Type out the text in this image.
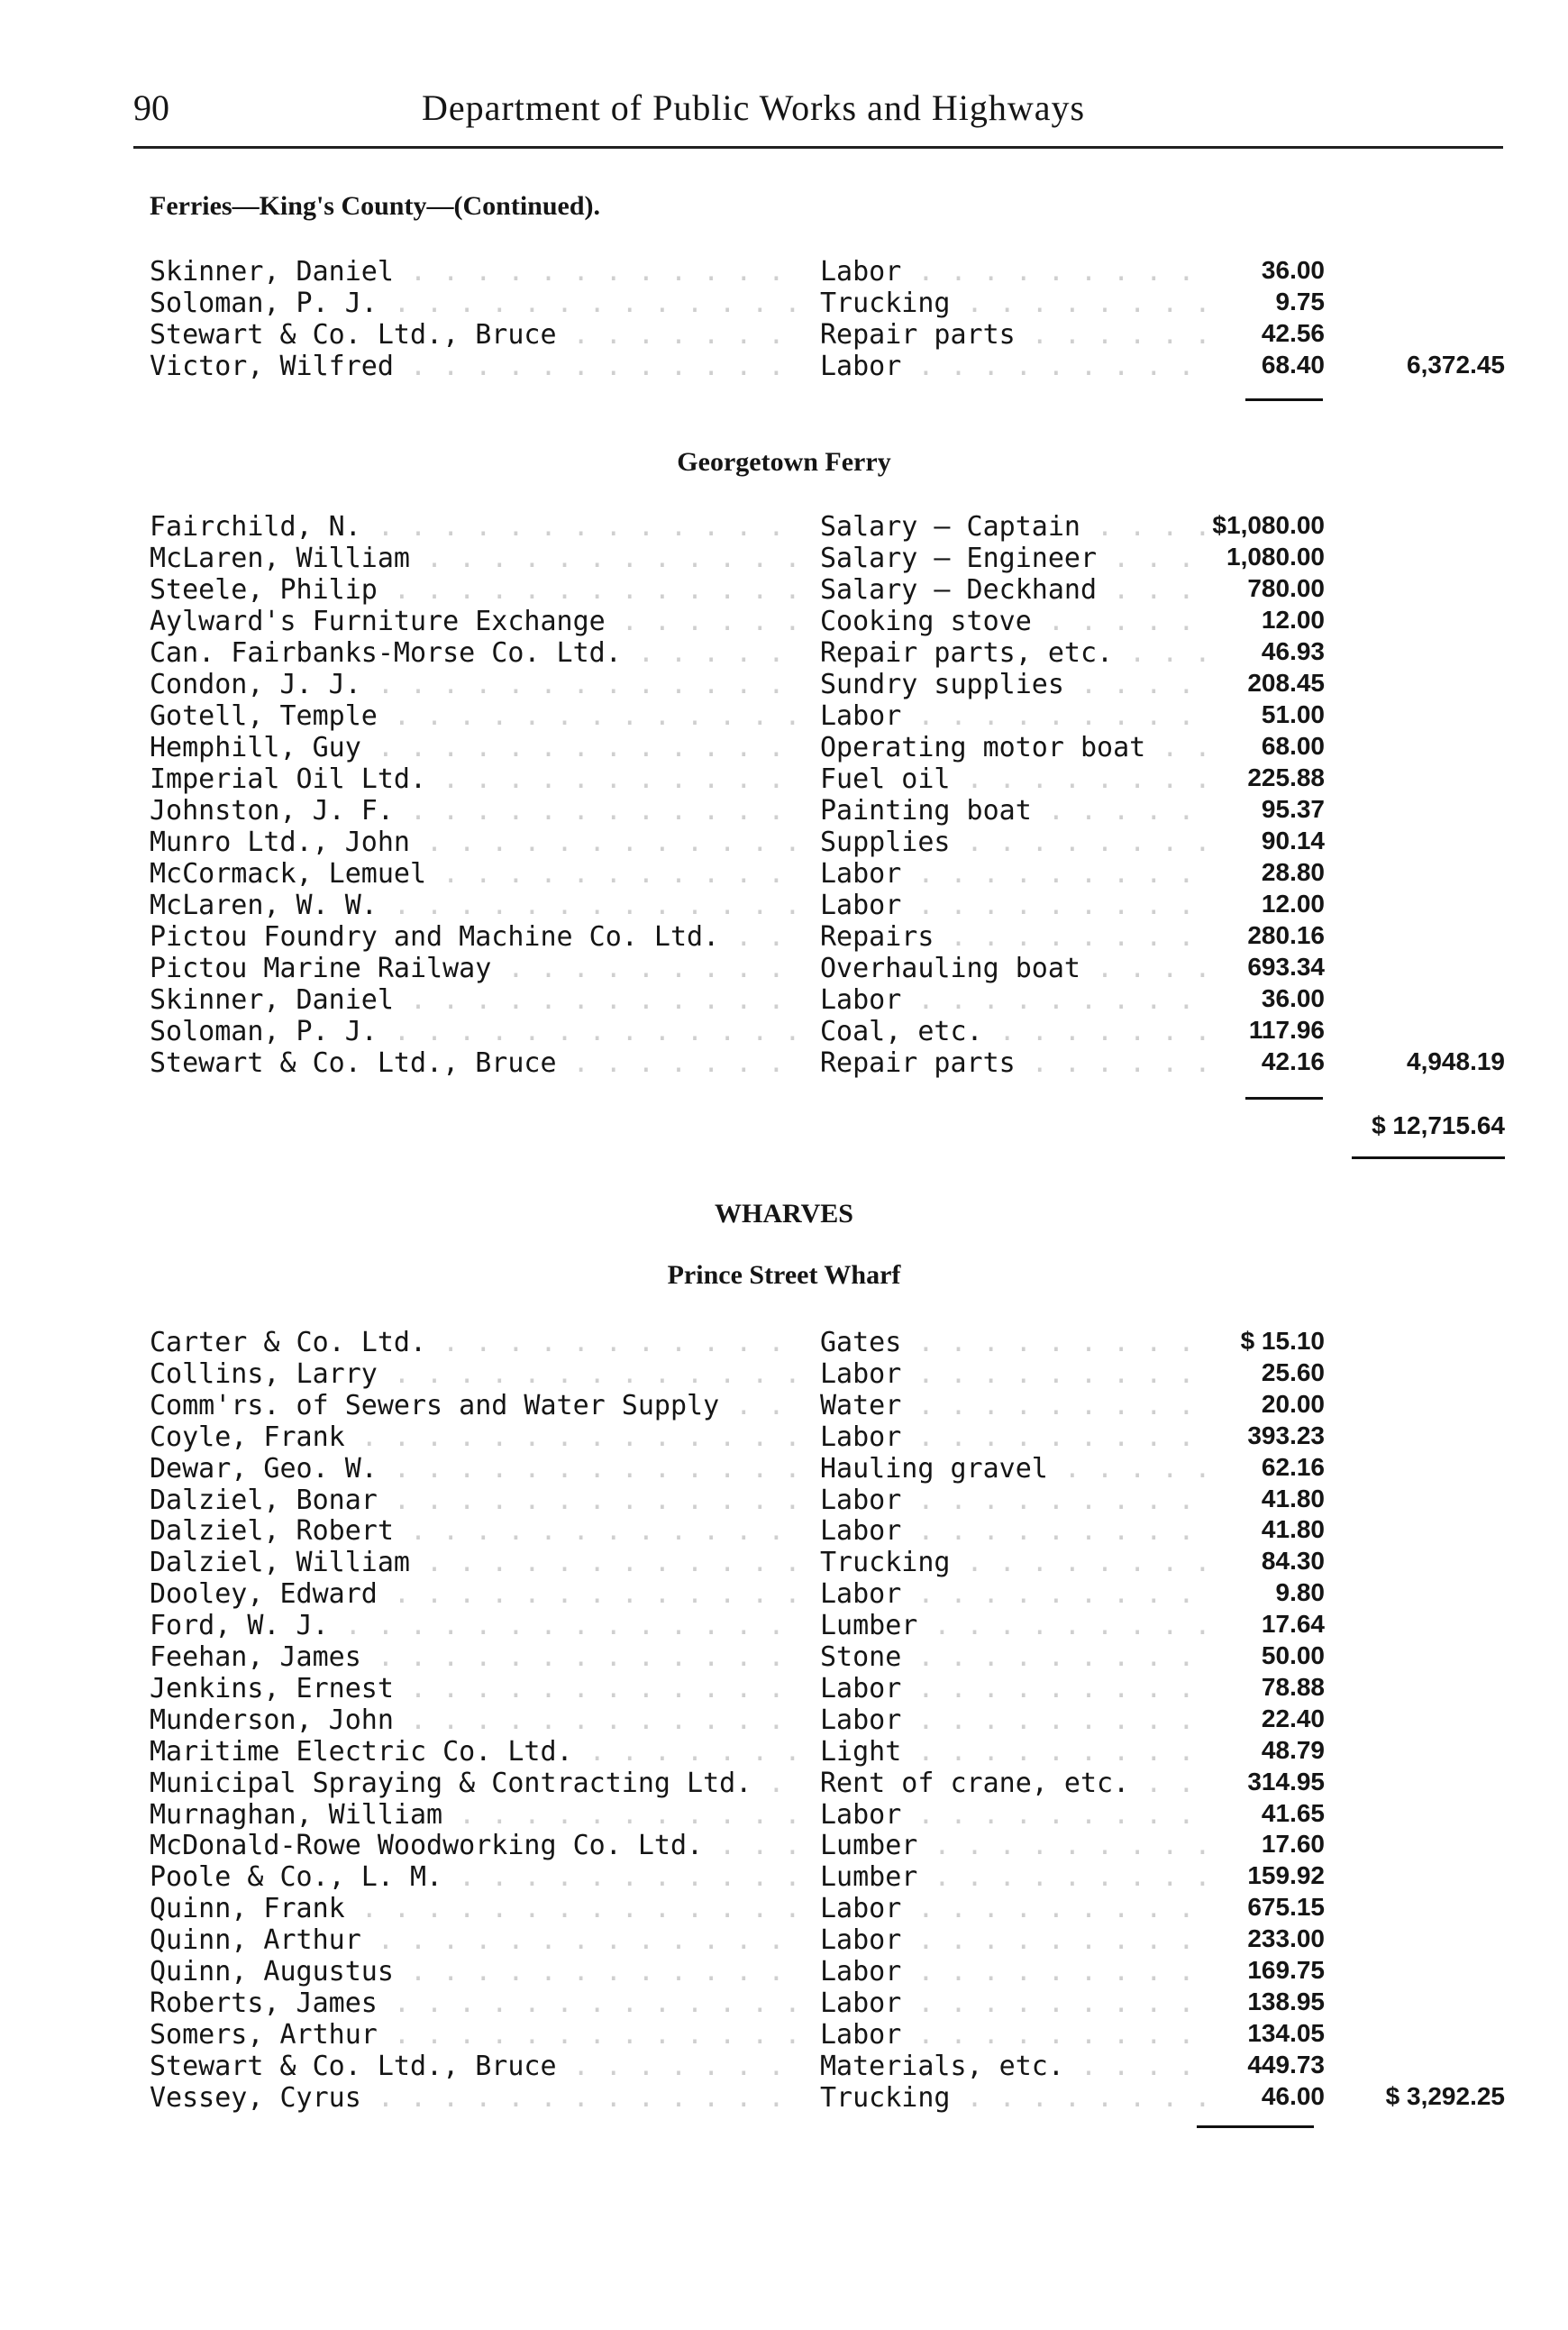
90	Department of Public Works and Highways
Ferries—King's County—(Continued).
Skinner, Daniel . . .	Labor . . .	36.00
Soloman, P. J. . . .	Trucking . . .	9.75
Stewart & Co. Ltd., Bruce . . .	Repair parts . . .	42.56
Victor, Wilfred . . .	Labor . . .	68.40	6,372.45
Georgetown Ferry
Fairchild, N. . . .	Salary — Captain . . .	$1,080.00
McLaren, William . . .	Salary — Engineer . . .	1,080.00
Steele, Philip . . .	Salary — Deckhand . . .	780.00
Aylward's Furniture Exchange . . .	Cooking stove . . .	12.00
Can. Fairbanks-Morse Co. Ltd. . . .	Repair parts, etc. . . .	46.93
Condon, J. J. . . .	Sundry supplies . . .	208.45
Gotell, Temple . . .	Labor . . .	51.00
Hemphill, Guy . . .	Operating motor boat . . .	68.00
Imperial Oil Ltd. . . .	Fuel oil . . .	225.88
Johnston, J. F. . . .	Painting boat . . .	95.37
Munro Ltd., John . . .	Supplies . . .	90.14
McCormack, Lemuel . . .	Labor . . .	28.80
McLaren, W. W. . . .	Labor . . .	12.00
Pictou Foundry and Machine Co. Ltd. . . .	Repairs . . .	280.16
Pictou Marine Railway . . .	Overhauling boat . . .	693.34
Skinner, Daniel . . .	Labor . . .	36.00
Soloman, P. J. . . .	Coal, etc. . . .	117.96
Stewart & Co. Ltd., Bruce . . .	Repair parts . . .	42.16	4,948.19
$ 12,715.64
WHARVES
Prince Street Wharf
Carter & Co. Ltd. . . .	Gates . . .	$ 15.10
Collins, Larry . . .	Labor . . .	25.60
Comm'rs. of Sewers and Water Supply . . .	Water . . .	20.00
Coyle, Frank . . .	Labor . . .	393.23
Dewar, Geo. W. . . .	Hauling gravel . . .	62.16
Dalziel, Bonar . . .	Labor . . .	41.80
Dalziel, Robert . . .	Labor . . .	41.80
Dalziel, William . . .	Trucking . . .	84.30
Dooley, Edward . . .	Labor . . .	9.80
Ford, W. J. . . .	Lumber . . .	17.64
Feehan, James . . .	Stone . . .	50.00
Jenkins, Ernest . . .	Labor . . .	78.88
Munderson, John . . .	Labor . . .	22.40
Maritime Electric Co. Ltd. . . .	Light . . .	48.79
Municipal Spraying & Contracting Ltd. . . .	Rent of crane, etc. . . .	314.95
Murnaghan, William . . .	Labor . . .	41.65
McDonald-Rowe Woodworking Co. Ltd. . . .	Lumber . . .	17.60
Poole & Co., L. M. . . .	Lumber . . .	159.92
Quinn, Frank . . .	Labor . . .	675.15
Quinn, Arthur . . .	Labor . . .	233.00
Quinn, Augustus . . .	Labor . . .	169.75
Roberts, James . . .	Labor . . .	138.95
Somers, Arthur . . .	Labor . . .	134.05
Stewart & Co. Ltd., Bruce . . .	Materials, etc. . . .	449.73
Vessey, Cyrus . . .	Trucking . . .	46.00	$ 3,292.25
